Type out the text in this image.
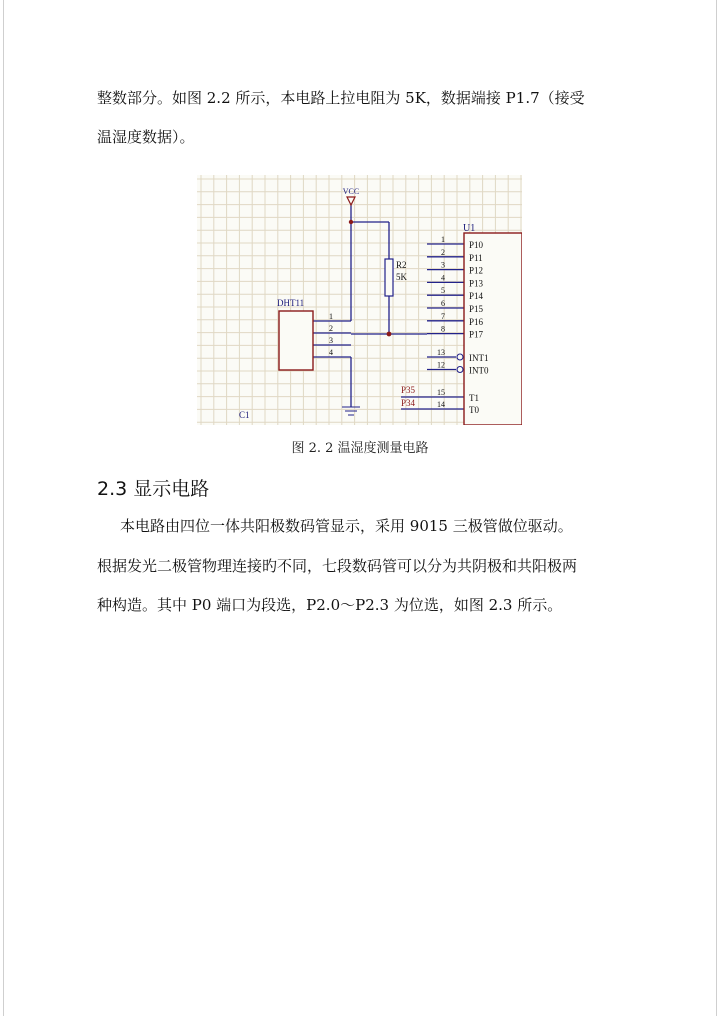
整数部分。如图 2.2 所示，本电路上拉电阻为 5K，数据端接 P1.7（接受
温湿度数据）。
U1
1
P10
2
P11
3
P12
4
P13
5
P14
6
P15
7
P16
8
P17
13
INT1
12
INT0
15
T1
14
T0
P35
P34
VCC
R2
5K
DHT11
1
2
3
4
C1
图 2. 2 温湿度测量电路
2.3 显示电路
本电路由四位一体共阳极数码管显示，采用 9015 三极管做位驱动。
根据发光二极管物理连接旳不同，七段数码管可以分为共阴极和共阳极两
种构造。其中 P0 端口为段选，P2.0～P2.3 为位选，如图 2.3 所示。
